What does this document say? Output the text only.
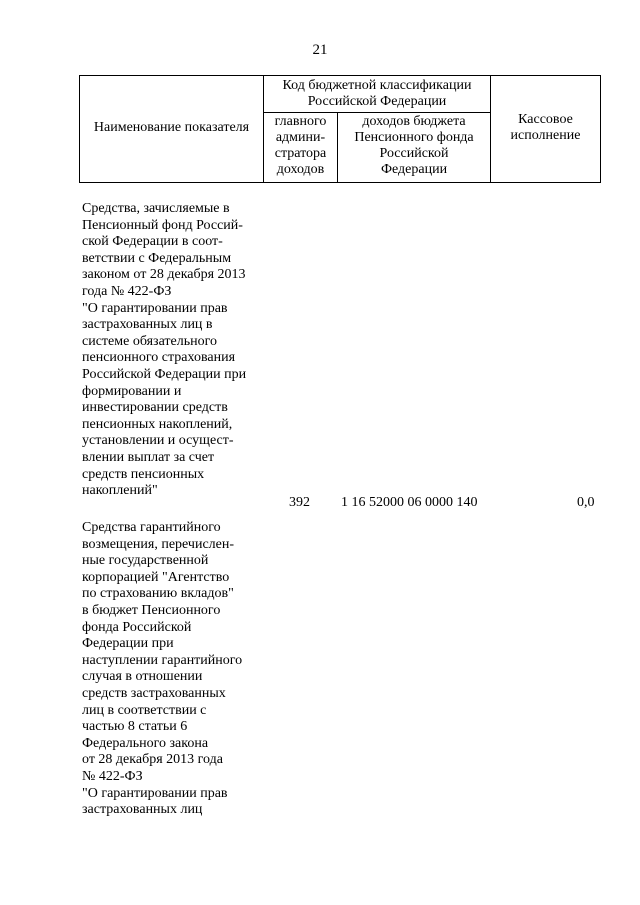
21
Наименование показателя
Код бюджетной классификации
Российской Федерации
главного
админи-
стратора
доходов
доходов бюджета
Пенсионного фонда
Российской
Федерации
Кассовое
исполнение
Средства, зачисляемые в
Пенсионный фонд Россий-
ской Федерации в соот-
ветствии с Федеральным
законом от 28 декабря 2013
года № 422-ФЗ
"О гарантировании прав
застрахованных лиц в
системе обязательного
пенсионного страхования
Российской Федерации при
формировании и
инвестировании средств
пенсионных накоплений,
установлении и осущест-
влении выплат за счет
средств пенсионных
накоплений"
392 1 16 52000 06 0000 140	0,0
Средства гарантийного
возмещения, перечислен-
ные государственной
корпорацией "Агентство
по страхованию вкладов"
в бюджет Пенсионного
фонда Российской
Федерации при
наступлении гарантийного
случая в отношении
средств застрахованных
лиц в соответствии с
частью 8 статьи 6
Федерального закона
от 28 декабря 2013 года
№ 422-ФЗ
"О гарантировании прав
застрахованных лиц
